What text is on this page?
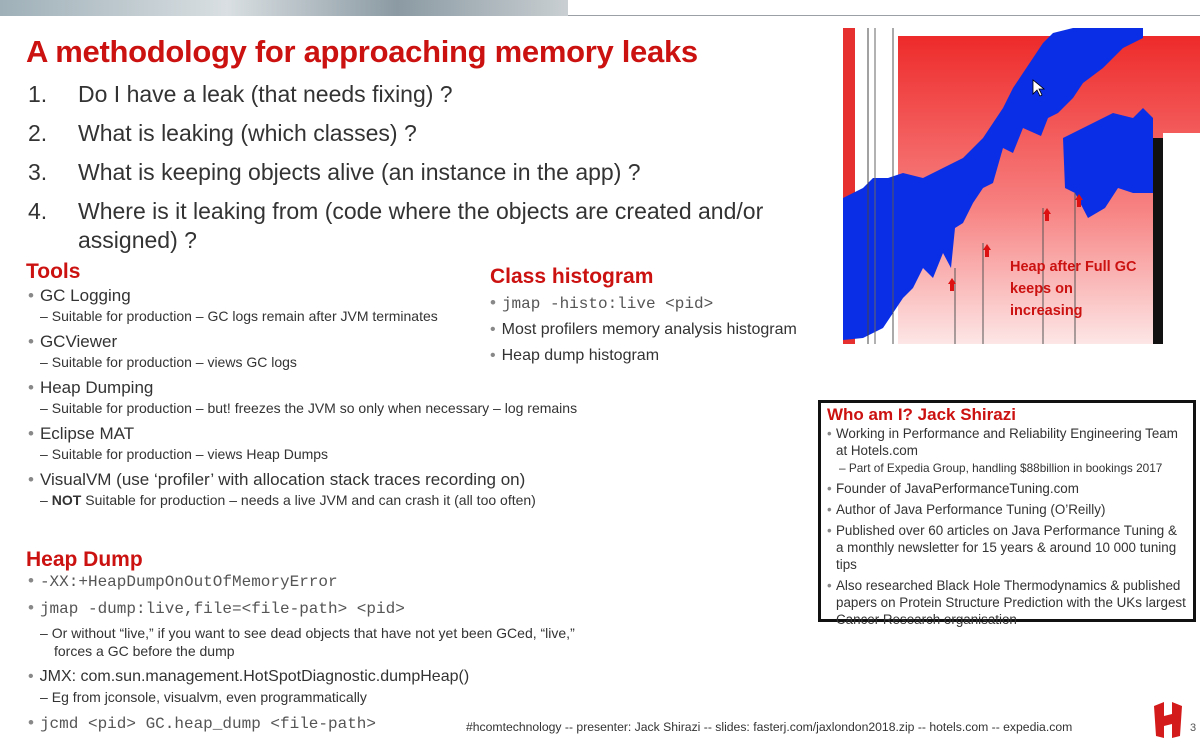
A methodology for approaching memory leaks
1.	Do I have a leak (that needs fixing) ?
2.	What is leaking (which classes) ?
3.	What is keeping objects alive (an instance in the app) ?
4.	Where is it leaking from (code where the objects are created and/or assigned) ?
Tools
• GC Logging
– Suitable for production – GC logs remain after JVM terminates
• GCViewer
– Suitable for production – views GC logs
• Heap Dumping
– Suitable for production – but! freezes the JVM so only when necessary – log remains
• Eclipse MAT
– Suitable for production – views Heap Dumps
• VisualVM (use ‘profiler’ with allocation stack traces recording on)
– NOT Suitable for production – needs a live JVM and can crash it (all too often)
Class histogram
• jmap -histo:live <pid>
• Most profilers memory analysis histogram
• Heap dump histogram
Heap Dump
• -XX:+HeapDumpOnOutOfMemoryError
• jmap -dump:live,file=<file-path> <pid>
– Or without “live,” if you want to see dead objects that have not yet been GCed, “live,”
forces a GC before the dump
• JMX: com.sun.management.HotSpotDiagnostic.dumpHeap()
– Eg from jconsole, visualvm, even programmatically
• jcmd <pid> GC.heap_dump <file-path>
Heap after Full GC keeps on increasing
Who am I? Jack Shirazi
• Working in Performance and Reliability Engineering Team at Hotels.com
– Part of Expedia Group, handling $88billion in bookings 2017
• Founder of JavaPerformanceTuning.com
• Author of Java Performance Tuning (O’Reilly)
• Published over 60 articles on Java Performance Tuning & a monthly newsletter for 15 years & around 10 000 tuning tips
• Also researched Black Hole Thermodynamics & published papers on Protein Structure Prediction with the UKs largest Cancer Research organisation
#hcomtechnology -- presenter: Jack Shirazi -- slides: fasterj.com/jaxlondon2018.zip -- hotels.com -- expedia.com	3
